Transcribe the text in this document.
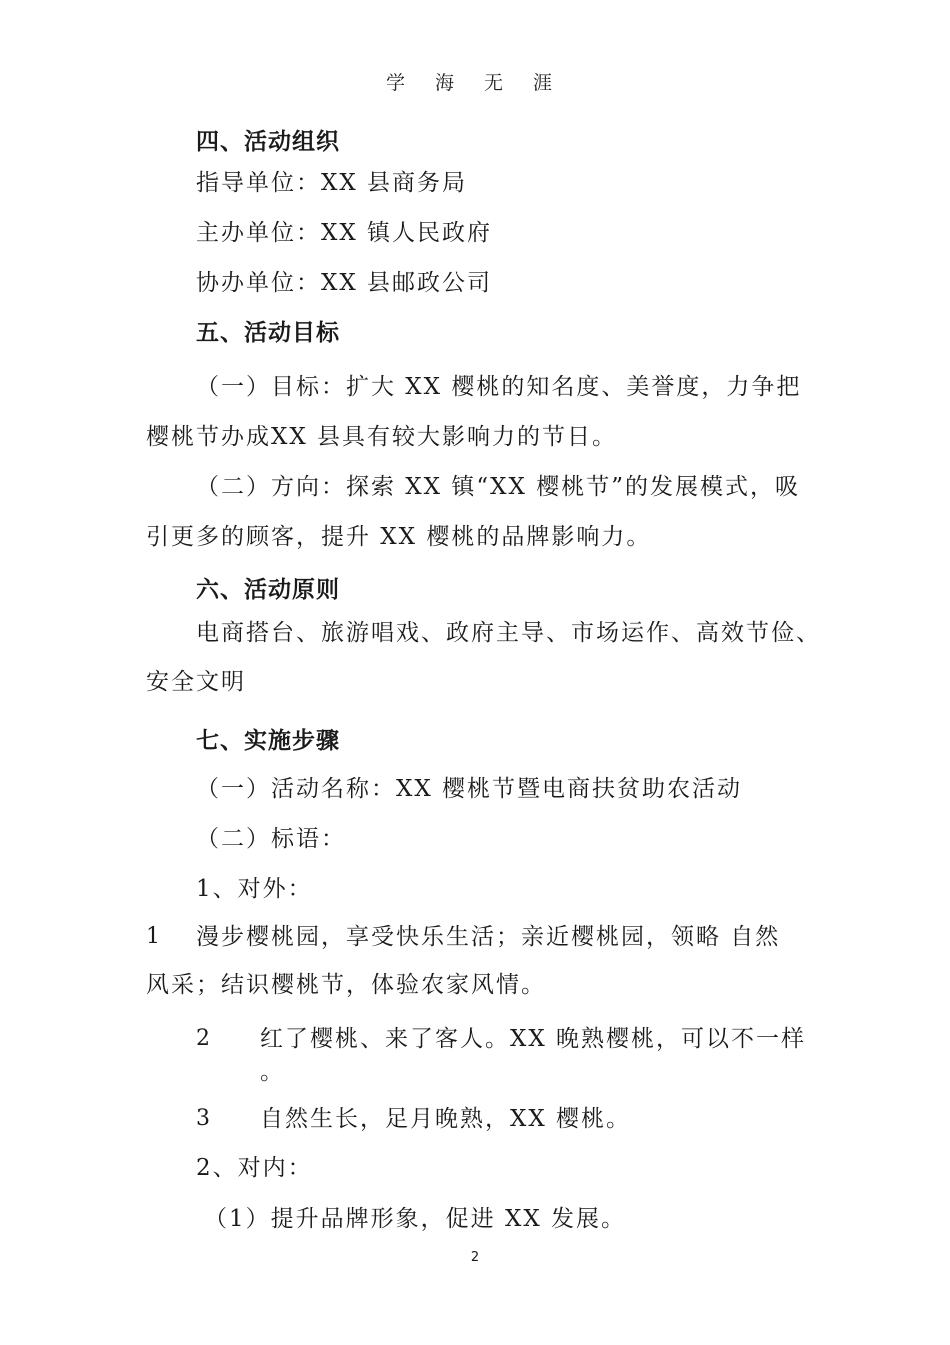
学 海 无 涯
四、活动组织
指导单位：XX 县商务局
主办单位：XX 镇人民政府
协办单位：XX 县邮政公司
五、活动目标
（一）目标：扩大 XX 樱桃的知名度、美誉度，力争把
樱桃节办成XX 县具有较大影响力的节日。
（二）方向：探索 XX 镇“XX 樱桃节”的发展模式，吸
引更多的顾客，提升 XX 樱桃的品牌影响力。
六、活动原则
电商搭台、旅游唱戏、政府主导、市场运作、高效节俭、
安全文明
七、实施步骤
（一）活动名称：XX 樱桃节暨电商扶贫助农活动
（二）标语：
1、对外：
1 漫步樱桃园，享受快乐生活；亲近樱桃园，领略 自然
风采；结识樱桃节，体验农家风情。
2 红了樱桃、来了客人。XX 晚熟樱桃，可以不一样
。
3 自然生长，足月晚熟，XX 樱桃。
2、对内：
（1）提升品牌形象，促进 XX 发展。
2
